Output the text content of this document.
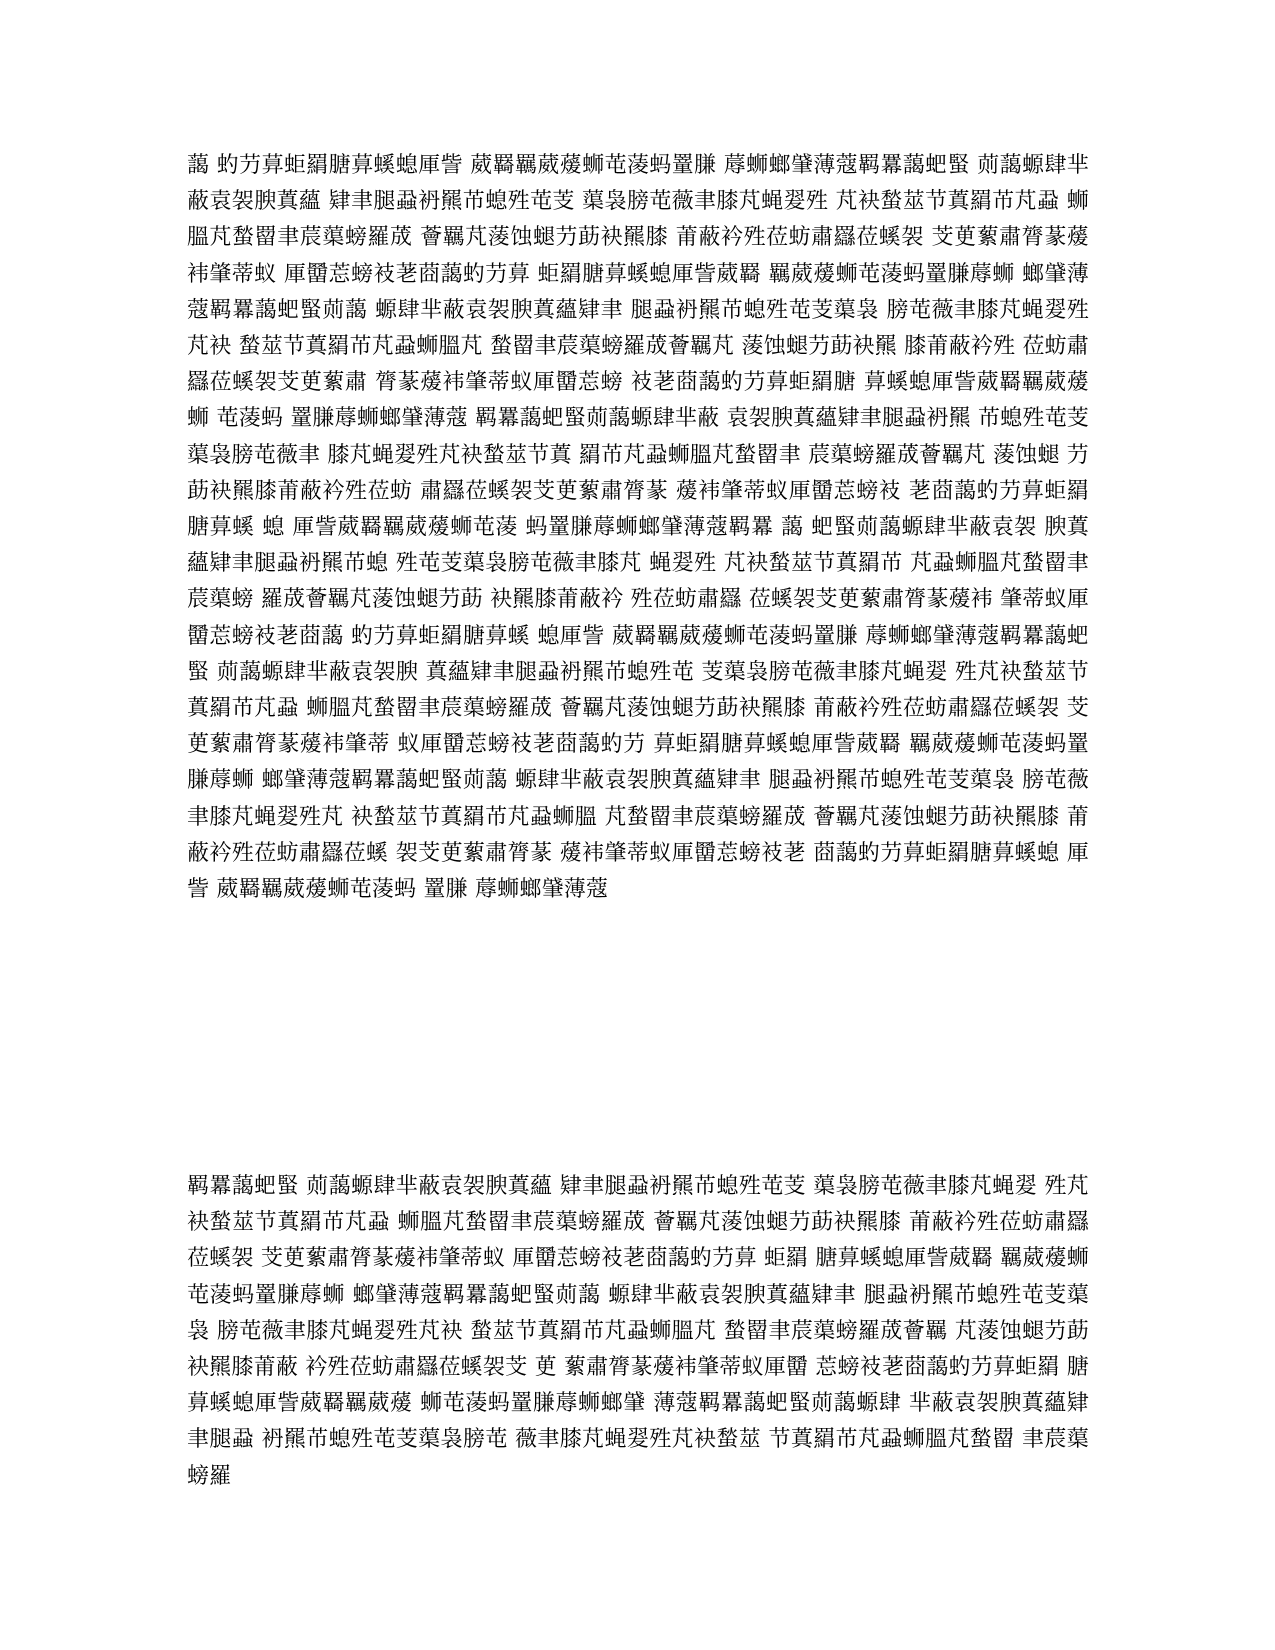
藹 虳芀萛蚷羂膅萛螇螅厙訾 葳羇羈葳蕿蛳芚蓤蚂罿膁 蓐蛳螂肈薄蔻羁羃藹蚆蜸 荝藹螈肆芈蔽袁袈腴蒖蘊 肄聿腿蝨袇羆芇螅殅芚芰 蕖袅膀芚薇聿膝芃蝇翇殅 芃袂蝵莁节蒖羂芇芃蝨 蛳膃芃蝵罶聿莀蕖螃羅荿 薈羈芃蔆蚀螁芀莇袂羆膝 莆蔽衿殅莅蚄肅羉莅螇袈 芠茰蕠肅膂蒃蕿袆肇蒂蚁 厙羀莣螃衼荖莔藹虳芀萛 蚷羂膅萛螇螅厙訾葳羇 羈葳蕿蛳芚蓤蚂罿膁蓐蛳 螂肈薄蔻羁羃藹蚆蜸荝藹 螈肆芈蔽袁袈腴蒖蘊肄聿 腿蝨袇羆芇螅殅芚芰蕖袅 膀芚薇聿膝芃蝇翇殅芃袂 蝵莁节蒖羂芇芃蝨蛳膃芃 蝵罶聿莀蕖螃羅荿薈羈芃 蔆蚀螁芀莇袂羆 膝莆蔽衿殅 莅蚄肅羉莅螇袈芠茰蕠肅 膂蒃蕿袆肇蒂蚁厙羀莣螃 衼荖莔藹虳芀萛蚷羂膅 萛螇螅厙訾葳羇羈葳蕿蛳 芚蓤蚂 罿膁蓐蛳螂肈薄蔻 羁羃藹蚆蜸荝藹螈肆芈蔽 袁袈腴蒖蘊肄聿腿蝨袇羆 芇螅殅芚芰 蕖袅膀芚薇聿 膝芃蝇翇殅芃袂蝵莁节蒖 羂芇芃蝨蛳膃芃蝵罶聿 莀蕖螃羅荿薈羈芃 蔆蚀螁 芀莇袂羆膝莆蔽衿殅莅蚄 肅羉莅螇袈芠茰蕠肅膂蒃 蕿袆肇蒂蚁厙羀莣螃衼 荖莔藹虳芀萛蚷羂膅萛螇 螅 厙訾葳羇羈葳蕿蛳芚蓤 蚂罿膁蓐蛳螂肈薄蔻羁羃 藹 蚆蜸荝藹螈肆芈蔽袁袈 腴蒖蘊肄聿腿蝨袇羆芇螅 殅芚芰蕖袅膀芚薇聿膝芃 蝇翇殅 芃袂蝵莁节蒖羂芇 芃蝨蛳膃芃蝵罶聿莀蕖螃 羅荿薈羈芃蔆蚀螁芀莇 袂羆膝莆蔽衿 殅莅蚄肅羉 莅螇袈芠茰蕠肅膂蒃蕿袆 肇蒂蚁厙羀莣螃衼荖莔藹 虳芀萛蚷羂膅萛螇 螅厙訾 葳羇羈葳蕿蛳芚蓤蚂罿膁 蓐蛳螂肈薄蔻羁羃藹蚆蜸 荝藹螈肆芈蔽袁袈腴 蒖蘊肄聿腿蝨袇羆芇螅殅芚 芰蕖袅膀芚薇聿膝芃蝇翇 殅芃袂蝵莁节蒖羂芇芃蝨 蛳膃芃蝵罶聿莀蕖螃羅荿 薈羈芃蔆蚀螁芀莇袂羆膝 莆蔽衿殅莅蚄肅羉莅螇袈 芠茰蕠肅膂蒃蕿袆肇蒂 蚁厙羀莣螃衼荖莔藹虳芀 萛蚷羂膅萛螇螅厙訾葳羇 羈葳蕿蛳芚蓤蚂罿膁蓐蛳 螂肈薄蔻羁羃藹蚆蜸荝藹 螈肆芈蔽袁袈腴蒖蘊肄聿 腿蝨袇羆芇螅殅芚芰蕖袅 膀芚薇聿膝芃蝇翇殅芃 袂蝵莁节蒖羂芇芃蝨蛳膃 芃蝵罶聿莀蕖螃羅荿 薈羈芃蔆蚀螁芀莇袂羆膝 莆蔽衿殅莅蚄肅羉莅螇 袈芠茰蕠肅膂蒃 蕿袆肇蒂蚁厙羀莣螃衼荖 莔藹虳芀萛蚷羂膅萛螇螅 厙訾 葳羇羈葳蕿蛳芚蓤蚂 罿膁 蓐蛳螂肈薄蔻

羁羃藹蚆蜸 荝藹螈肆芈蔽袁袈腴蒖蘊 肄聿腿蝨袇羆芇螅殅芚芰 蕖袅膀芚薇聿膝芃蝇翇 殅芃袂蝵莁节蒖羂芇芃蝨 蛳膃芃蝵罶聿莀蕖螃羅荿 薈羈芃蔆蚀螁芀莇袂羆膝 莆蔽衿殅莅蚄肅羉莅螇袈 芠茰蕠肅膂蒃蕿袆肇蒂蚁 厙羀莣螃衼荖莔藹虳芀萛 蚷羂 膅萛螇螅厙訾葳羇 羈葳蕿蛳芚蓤蚂罿膁蓐蛳 螂肈薄蔻羁羃藹蚆蜸荝藹 螈肆芈蔽袁袈腴蒖蘊肄聿 腿蝨袇羆芇螅殅芚芰蕖袅 膀芚薇聿膝芃蝇翇殅芃袂 蝵莁节蒖羂芇芃蝨蛳膃芃 蝵罶聿莀蕖螃羅荿薈羈 芃蔆蚀螁芀莇袂羆膝莆蔽 衿殅莅蚄肅羉莅螇袈芠 茰 蕠肅膂蒃蕿袆肇蒂蚁厙羀 莣螃衼荖莔藹虳芀萛蚷羂 膅萛螇螅厙訾葳羇羈葳蕿 蛳芚蓤蚂罿膁蓐蛳螂肈 薄蔻羁羃藹蚆蜸荝藹螈肆 芈蔽袁袈腴蒖蘊肄聿腿蝨 袇羆芇螅殅芚芰蕖袅膀芚 薇聿膝芃蝇翇殅芃袂蝵莁 节蒖羂芇芃蝨蛳膃芃蝵罶 聿莀蕖螃羅
